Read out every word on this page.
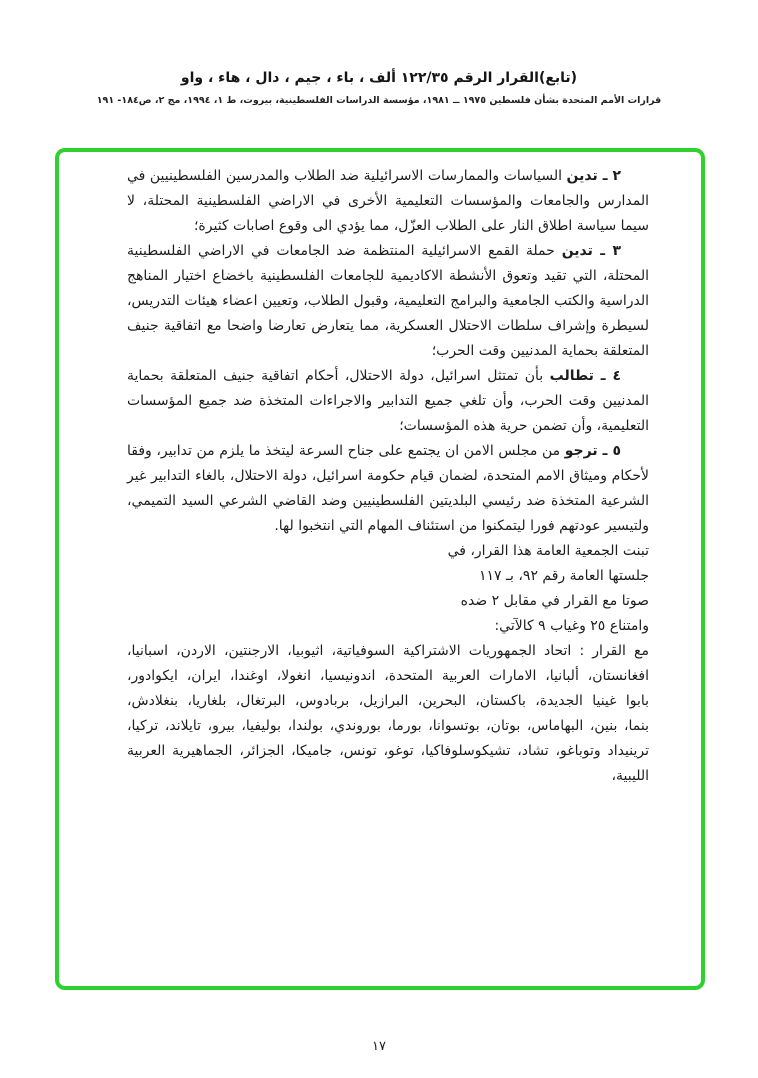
(تابع)القرار الرقم ١٢٢/٣٥ ألف ، باء ، جيم ، دال ، هاء ، واو
قرارات الأمم المتحدة بشأن فلسطين ١٩٧٥ ــ ١٩٨١، مؤسسة الدراسات الفلسطينية، بيروت، ط ١، ١٩٩٤، مج ٢، ص١٨٤- ١٩١

٢ ـ تدين السياسات والممارسات الاسرائيلية ضد الطلاب والمدرسين الفلسطينيين في المدارس والجامعات والمؤسسات التعليمية الأخرى في الاراضي الفلسطينية المحتلة، لا سيما سياسة اطلاق النار على الطلاب العزّل، مما يؤدي الى وقوع اصابات كثيرة؛

٣ ـ تدين حملة القمع الاسرائيلية المنتظمة ضد الجامعات في الاراضي الفلسطينية المحتلة، التي تقيد وتعوق الأنشطة الاكاديمية للجامعات الفلسطينية باخضاع اختيار المناهج الدراسية والكتب الجامعية والبرامج التعليمية، وقبول الطلاب، وتعيين اعضاء هيئات التدريس، لسيطرة وإشراف سلطات الاحتلال العسكرية، مما يتعارض تعارضا واضحا مع اتفاقية جنيف المتعلقة بحماية المدنيين وقت الحرب؛

٤ ـ تطالب بأن تمتثل اسرائيل، دولة الاحتلال، أحكام اتفاقية جنيف المتعلقة بحماية المدنيين وقت الحرب، وأن تلغي جميع التدابير والاجراءات المتخذة ضد جميع المؤسسات التعليمية، وأن تضمن حرية هذه المؤسسات؛

٥ ـ ترجو من مجلس الامن ان يجتمع على جناح السرعة ليتخذ ما يلزم من تدابير، وفقا لأحكام وميثاق الامم المتحدة، لضمان قيام حكومة اسرائيل، دولة الاحتلال، بالغاء التدابير غير الشرعية المتخذة ضد رئيسي البلديتين الفلسطينيين وضد القاضي الشرعي السيد التميمي، ولتيسير عودتهم فورا ليتمكنوا من استئناف المهام التي انتخبوا لها.

تبنت الجمعية العامة هذا القرار، في
جلستها العامة رقم ٩٢، بـ ١١٧
صوتا مع القرار في مقابل ٢ ضده
وامتناع ٢٥ وغياب ٩ كالآتي:

مع القرار : اتحاد الجمهوريات الاشتراكية السوفياتية، اثيوبيا، الارجنتين، الاردن، اسبانيا، افغانستان، ألبانيا، الامارات العربية المتحدة، اندونيسيا، انغولا، اوغندا، ايران، ايكوادور، بابوا غينيا الجديدة، باكستان، البحرين، البرازيل، بربادوس، البرتغال، بلغاريا، بنغلادش، بنما، بنين، البهاماس، بوتان، بوتسوانا، بورما، بوروندي، بولندا، بوليفيا، بيرو، تايلاند، تركيا، ترينيداد وتوباغو، تشاد، تشيكوسلوفاكيا، توغو، تونس، جاميكا، الجزائر، الجماهيرية العربية الليبية،

١٧
